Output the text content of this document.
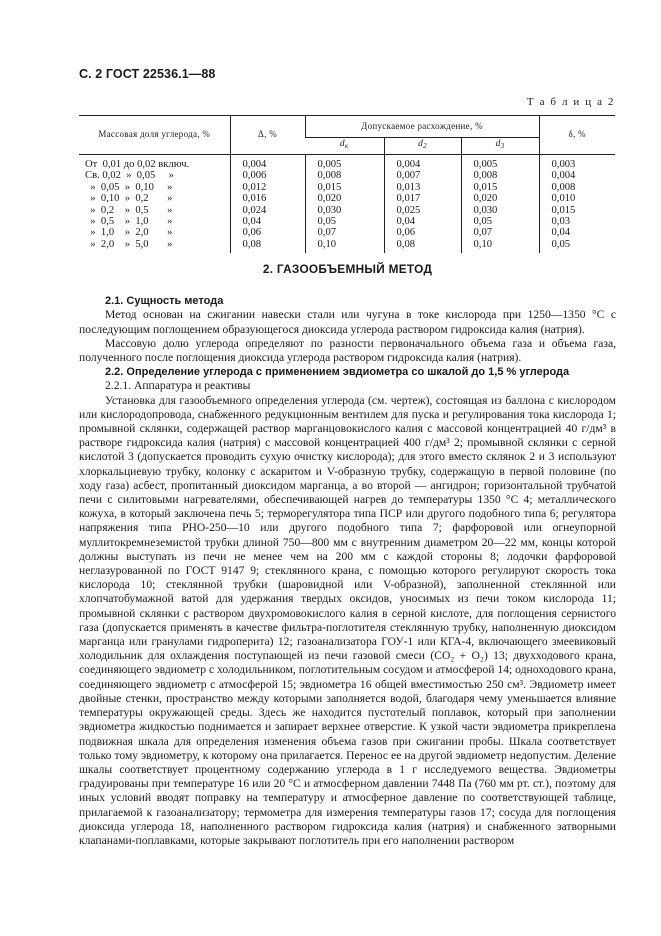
С. 2 ГОСТ 22536.1—88
Т а б л и ц а 2
Массовая доля углерода, %	Δ, %	Допускаемое расхождение, %			δ, %
		$d_к$	$d_2$	$d_3$
От  0,01 до 0,02 включ.	0,004	0,005	0,004	0,005	0,003
Св. 0,02  »  0,05     »	0,006	0,008	0,007	0,008	0,004
»  0,05  »  0,10     »	0,012	0,015	0,013	0,015	0,008
»  0,10  »  0,2       »	0,016	0,020	0,017	0,020	0,010
»  0,2    »  0,5       »	0,024	0,030	0,025	0,030	0,015
»  0,5    »  1,0       »	0,04	0,05	0,04	0,05	0,03
»  1,0    »  2,0       »	0,06	0,07	0,06	0,07	0,04
»  2,0    »  5,0       »	0,08	0,10	0,08	0,10	0,05
2. ГАЗООБЪЕМНЫЙ МЕТОД

2.1. Сущность метода

Метод основан на сжигании навески стали или чугуна в токе кислорода при 1250—1350 °С с последующим поглощением образующегося диоксида углерода раствором гидроксида калия (натрия).

Массовую долю углерода определяют по разности первоначального объема газа и объема газа, полученного после поглощения диоксида углерода раствором гидроксида калия (натрия).

2.2. Определение углерода с применением эвдиометра со шкалой до 1,5 % углерода

2.2.1. Аппаратура и реактивы

Установка для газообъемного определения углерода (см. чертеж), состоящая из баллона с кислородом или кислородопровода, снабженного редукционным вентилем для пуска и регулирования тока кислорода 1; промывной склянки, содержащей раствор марганцовокислого калия с массовой концентрацией 40 г/дм³ в растворе гидроксида калия (натрия) с массовой концентрацией 400 г/дм³ 2; промывной склянки с серной кислотой 3 (допускается проводить сухую очистку кислорода); для этого вместо склянок 2 и 3 используют хлоркальциевую трубку, колонку с аскаритом и V-образную трубку, содержащую в первой половине (по ходу газа) асбест, пропитанный диоксидом марганца, а во второй — ангидрон; горизонтальной трубчатой печи с силитовыми нагревателями, обеспечивающей нагрев до температуры 1350 °С 4; металлического кожуха, в который заключена печь 5; терморегулятора типа ПСР или другого подобного типа 6; регулятора напряжения типа РНО-250—10 или другого подобного типа 7; фарфоровой или огнеупорной муллитокремнеземистой трубки длиной 750—800 мм с внутренним диаметром 20—22 мм, концы которой должны выступать из печи не менее чем на 200 мм с каждой стороны 8; лодочки фарфоровой неглазурованной по ГОСТ 9147 9; стеклянного крана, с помощью которого регулируют скорость тока кислорода 10; стеклянной трубки (шаровидной или V-образной), заполненной стеклянной или хлопчатобумажной ватой для удержания твердых оксидов, уносимых из печи током кислорода 11; промывной склянки с раствором двухромовокислого калия в серной кислоте, для поглощения сернистого газа (допускается применять в качестве фильтра-поглотителя стеклянную трубку, наполненную диоксидом марганца или гранулами гидроперита) 12; газоанализатора ГОУ-1 или КГА-4, включающего змеевиковый холодильник для охлаждения поступающей из печи газовой смеси (CO₂ + O₂) 13; двухходового крана, соединяющего эвдиометр с холодильником, поглотительным сосудом и атмосферой 14; одноходового крана, соединяющего эвдиометр с атмосферой 15; эвдиометра 16 общей вместимостью 250 см³. Эвдиометр имеет двойные стенки, пространство между которыми заполняется водой, благодаря чему уменьшается влияние температуры окружающей среды. Здесь же находится пустотелый поплавок, который при заполнении эвдиометра жидкостью поднимается и запирает верхнее отверстие. К узкой части эвдиометра прикреплена подвижная шкала для определения изменения объема газов при сжигании пробы. Шкала соответствует только тому эвдиометру, к которому она прилагается. Перенос ее на другой эвдиометр недопустим. Деление шкалы соответствует процентному содержанию углерода в 1 г исследуемого вещества. Эвдиометры градуированы при температуре 16 или 20 °С и атмосферном давлении 7448 Па (760 мм рт. ст.), поэтому для иных условий вводят поправку на температуру и атмосферное давление по соответствующей таблице, прилагаемой к газоанализатору; термометра для измерения температуры газов 17; сосуда для поглощения диоксида углерода 18, наполненного раствором гидроксида калия (натрия) и снабженного затворными клапанами-поплавками, которые закрывают поглотитель при его наполнении раствором
